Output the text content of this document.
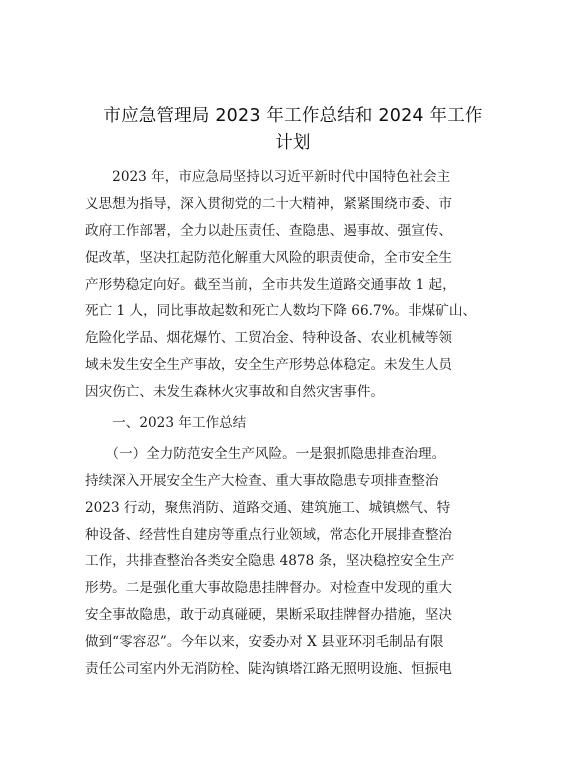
市应急管理局 2023 年工作总结和 2024 年工作
计划
　　2023 年，市应急局坚持以习近平新时代中国特色社会主
义思想为指导，深入贯彻党的二十大精神，紧紧围绕市委、市
政府工作部署，全力以赴压责任、查隐患、遏事故、强宣传、
促改革，坚决扛起防范化解重大风险的职责使命，全市安全生
产形势稳定向好。截至当前，全市共发生道路交通事故 1 起，
死亡 1 人，同比事故起数和死亡人数均下降 66.7%。非煤矿山、
危险化学品、烟花爆竹、工贸冶金、特种设备、农业机械等领
域未发生安全生产事故，安全生产形势总体稳定。未发生人员
因灾伤亡、未发生森林火灾事故和自然灾害事件。
　　一、2023 年工作总结
　　（一）全力防范安全生产风险。一是狠抓隐患排查治理。
持续深入开展安全生产大检查、重大事故隐患专项排查整治
2023 行动，聚焦消防、道路交通、建筑施工、城镇燃气、特
种设备、经营性自建房等重点行业领域，常态化开展排查整治
工作，共排查整治各类安全隐患 4878 条，坚决稳控安全生产
形势。二是强化重大事故隐患挂牌督办。对检查中发现的重大
安全事故隐患，敢于动真碰硬，果断采取挂牌督办措施，坚决
做到“零容忍”。今年以来，安委办对 X 县亚环羽毛制品有限
责任公司室内外无消防栓、陡沟镇塔江路无照明设施、恒振电
